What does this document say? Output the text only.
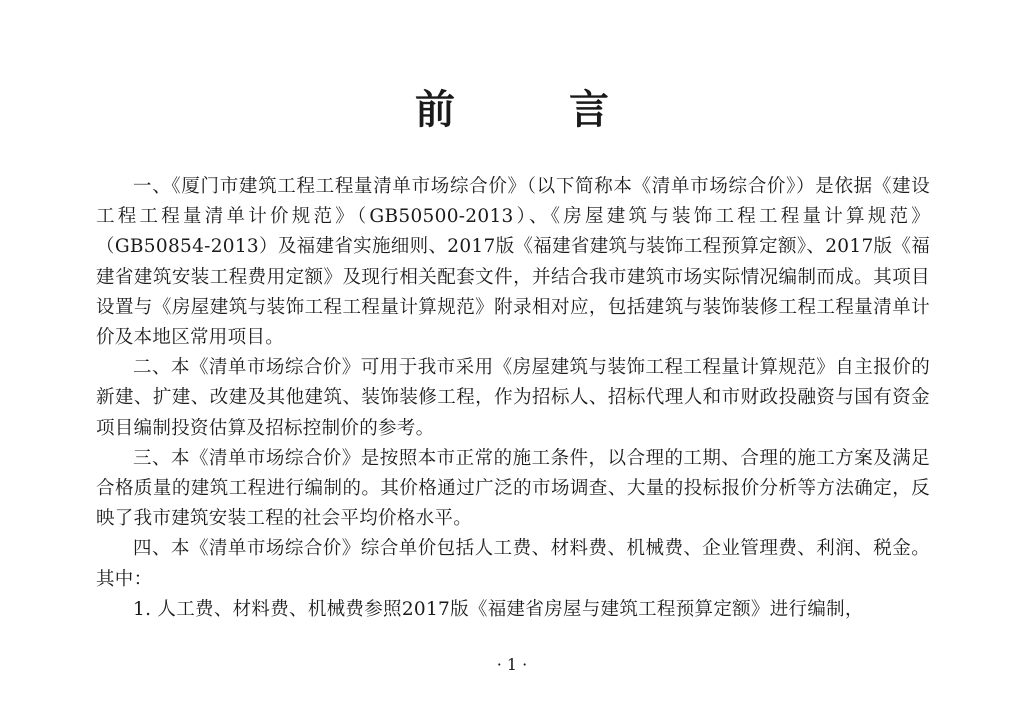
前 言

一、《厦门市建筑工程工程量清单市场综合价》（以下简称本《清单市场综合价》）是依据《建设工程工程量清单计价规范》（GB50500-2013）、《房屋建筑与装饰工程工程量计算规范》（GB50854-2013）及福建省实施细则、2017版《福建省建筑与装饰工程预算定额》、2017版《福建省建筑安装工程费用定额》及现行相关配套文件，并结合我市建筑市场实际情况编制而成。其项目设置与《房屋建筑与装饰工程工程量计算规范》附录相对应，包括建筑与装饰装修工程工程量清单计价及本地区常用项目。

二、本《清单市场综合价》可用于我市采用《房屋建筑与装饰工程工程量计算规范》自主报价的新建、扩建、改建及其他建筑、装饰装修工程，作为招标人、招标代理人和市财政投融资与国有资金项目编制投资估算及招标控制价的参考。

三、本《清单市场综合价》是按照本市正常的施工条件，以合理的工期、合理的施工方案及满足合格质量的建筑工程进行编制的。其价格通过广泛的市场调查、大量的投标报价分析等方法确定，反映了我市建筑安装工程的社会平均价格水平。

四、本《清单市场综合价》综合单价包括人工费、材料费、机械费、企业管理费、利润、税金。其中：

1. 人工费、材料费、机械费参照2017版《福建省房屋与建筑工程预算定额》进行编制，

· 1 ·
